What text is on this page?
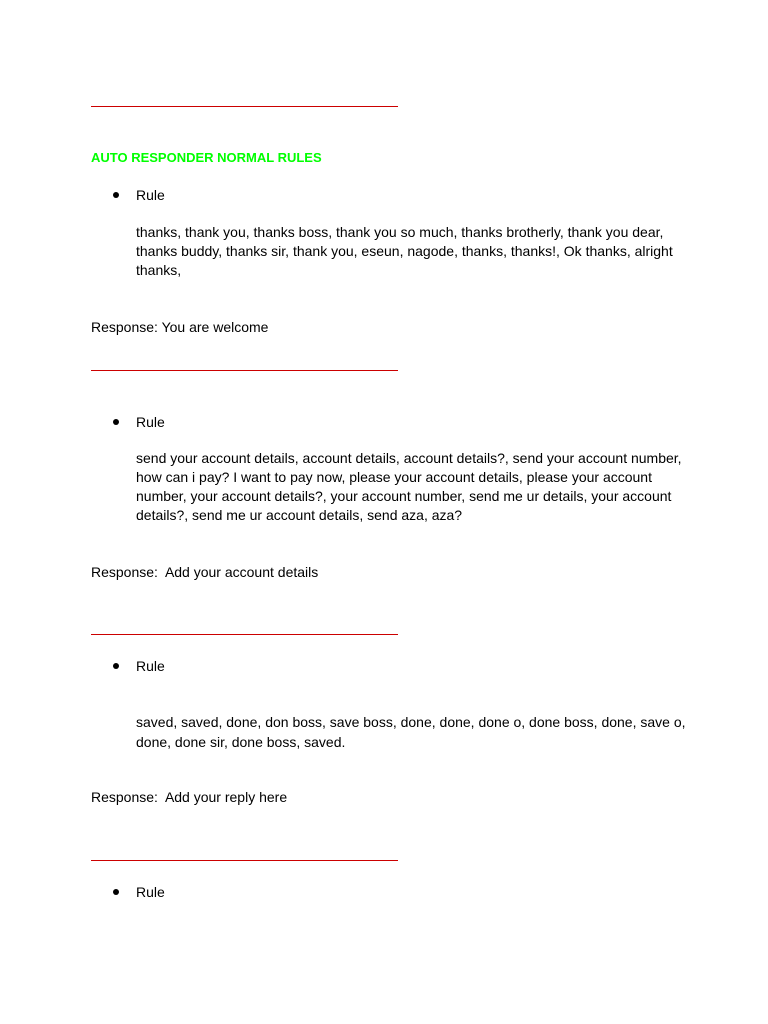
AUTO RESPONDER NORMAL RULES
Rule
thanks, thank you, thanks boss, thank you so much, thanks brotherly, thank you dear, thanks buddy, thanks sir, thank you, eseun, nagode, thanks, thanks!, Ok thanks, alright thanks,
Response: You are welcome
Rule
send your account details, account details, account details?, send your account number, how can i pay? I want to pay now, please your account details, please your account number, your account details?, your account number, send me ur details, your account details?, send me ur account details, send aza, aza?
Response:  Add your account details
Rule
saved, saved, done, don boss, save boss, done, done, done o, done boss, done, save o, done, done sir, done boss, saved.
Response:  Add your reply here
Rule
